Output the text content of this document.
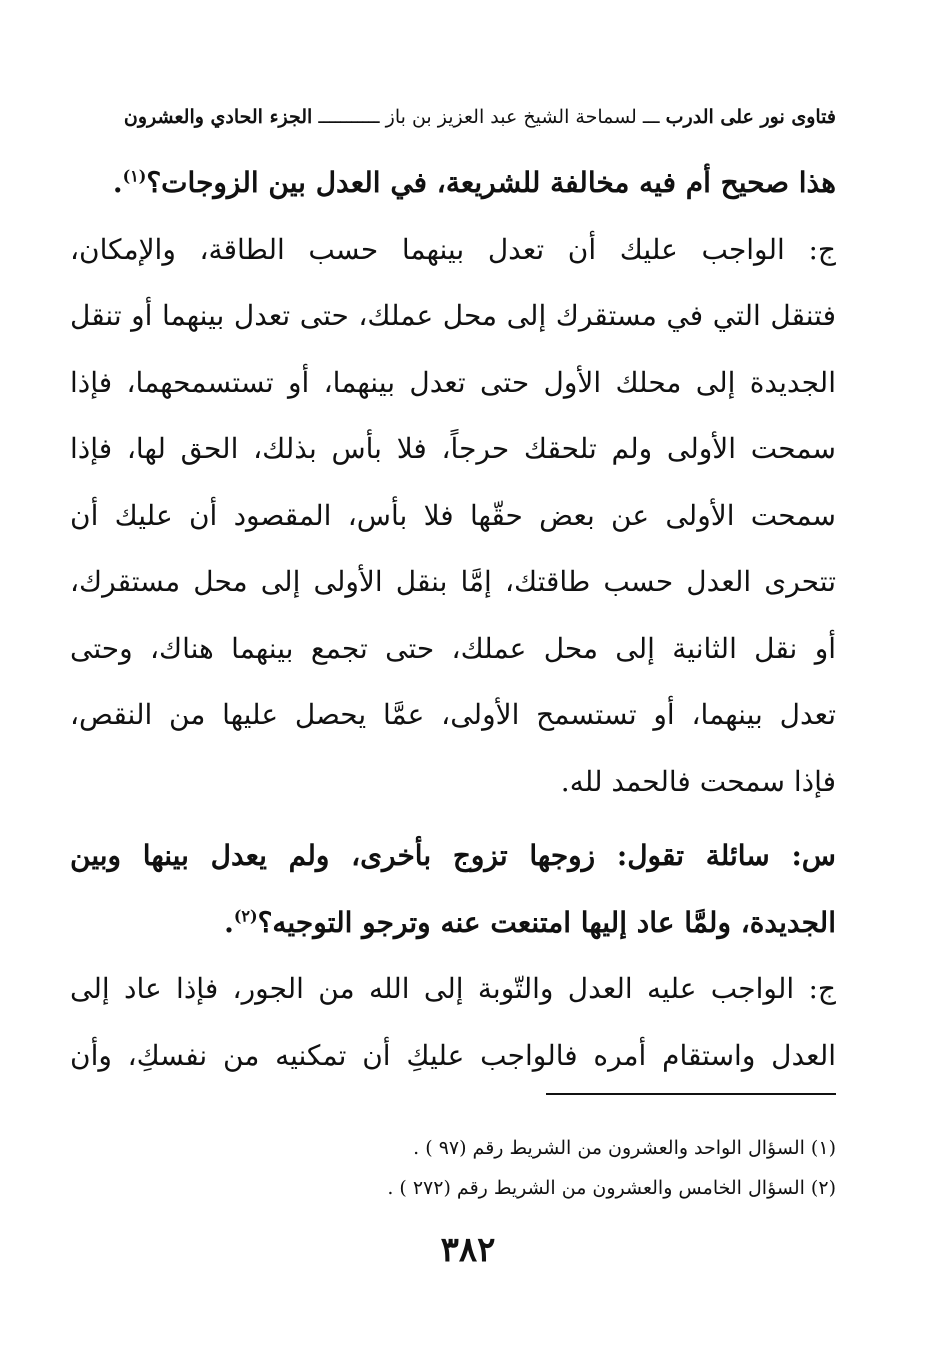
فتاوى نور على الدرب ـــ لسماحة الشيخ عبد العزيز بن باز ـــــــــــ الجزء الحادي والعشرون

هذا صحيح أم فيه مخالفة للشريعة، في العدل بين الزوجات؟$^{(١)}$.

ج: الواجب عليك أن تعدل بينهما حسب الطاقة، والإمكان،
فتنقل التي في مستقرك إلى محل عملك، حتى تعدل بينهما أو تنقل
الجديدة إلى محلك الأول حتى تعدل بينهما، أو تستسمحهما، فإذا
سمحت الأولى ولم تلحقك حرجاً، فلا بأس بذلك، الحق لها، فإذا
سمحت الأولى عن بعض حقّها فلا بأس، المقصود أن عليك أن
تتحرى العدل حسب طاقتك، إمَّا بنقل الأولى إلى محل مستقرك،
أو نقل الثانية إلى محل عملك، حتى تجمع بينهما هناك، وحتى
تعدل بينهما، أو تستسمح الأولى، عمَّا يحصل عليها من النقص،
فإذا سمحت فالحمد لله.

س: سائلة تقول: زوجها تزوج بأخرى، ولم يعدل بينها وبين
الجديدة، ولمَّا عاد إليها امتنعت عنه وترجو التوجيه؟$^{(٢)}$.

ج: الواجب عليه العدل والتّوبة إلى الله من الجور، فإذا عاد إلى
العدل واستقام أمره فالواجب عليكِ أن تمكنيه من نفسكِ، وأن

(١) السؤال الواحد والعشرون من الشريط رقم (٩٧ ) .
(٢) السؤال الخامس والعشرون من الشريط رقم (٢٧٢ ) .
٣٨٢
